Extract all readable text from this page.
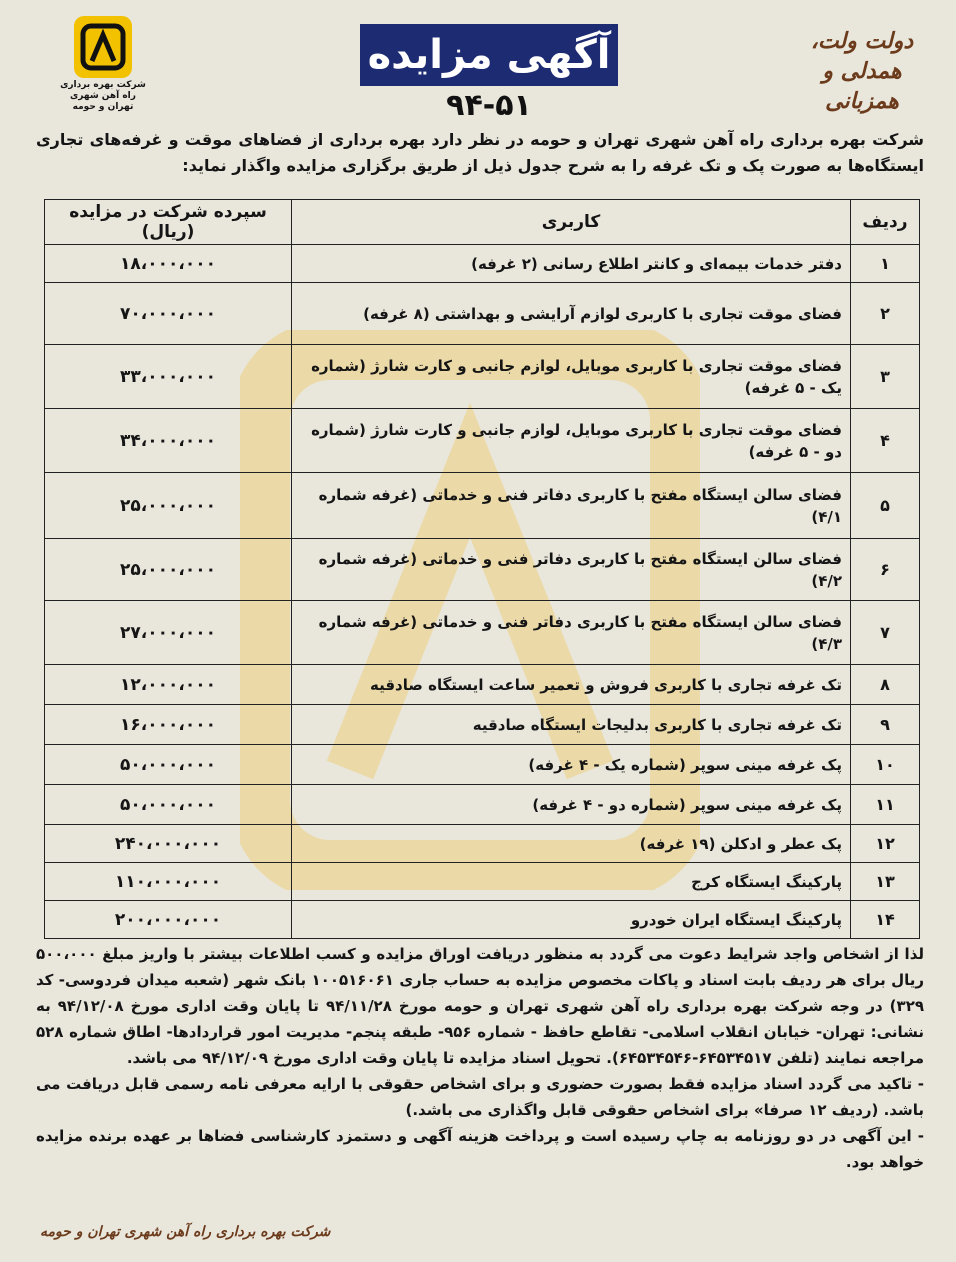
دولت ولت،
همدلی و همزبانی
آگهی مزایده
۹۴-۵۱
شرکت بهره برداری
راه آهن شهری تهران و حومه
شرکت بهره برداری راه آهن شهری تهران و حومه در نظر دارد بهره برداری از فضاهای موقت و غرفه‌های تجاری ایستگاه‌ها به صورت پک و تک غرفه را به شرح جدول ذیل از طریق برگزاری مزایده واگذار نماید:
ردیف	کاربری	سپرده شرکت در مزایده (ریال)
۱	دفتر خدمات بیمه‌ای و کانتر اطلاع رسانی (۲ غرفه)	۱۸،۰۰۰،۰۰۰
۲	فضای موقت تجاری با کاربری لوازم آرایشی و بهداشتی (۸ غرفه)	۷۰،۰۰۰،۰۰۰
۳	فضای موقت تجاری با کاربری موبایل، لوازم جانبی و کارت شارژ (شماره یک - ۵ غرفه)	۳۳،۰۰۰،۰۰۰
۴	فضای موقت تجاری با کاربری موبایل، لوازم جانبی و کارت شارژ (شماره دو - ۵ غرفه)	۳۴،۰۰۰،۰۰۰
۵	فضای سالن ایستگاه مفتح با کاربری دفاتر فنی و خدماتی (غرفه شماره ۴/۱)	۲۵،۰۰۰،۰۰۰
۶	فضای سالن ایستگاه مفتح با کاربری دفاتر فنی و خدماتی (غرفه شماره ۴/۲)	۲۵،۰۰۰،۰۰۰
۷	فضای سالن ایستگاه مفتح با کاربری دفاتر فنی و خدماتی (غرفه شماره ۴/۳)	۲۷،۰۰۰،۰۰۰
۸	تک غرفه تجاری با کاربری فروش و تعمیر ساعت ایستگاه صادقیه	۱۲،۰۰۰،۰۰۰
۹	تک غرفه تجاری با کاربری بدلیجات ایستگاه صادقیه	۱۶،۰۰۰،۰۰۰
۱۰	پک غرفه مینی سوپر (شماره یک - ۴ غرفه)	۵۰،۰۰۰،۰۰۰
۱۱	پک غرفه مینی سوپر (شماره دو - ۴ غرفه)	۵۰،۰۰۰،۰۰۰
۱۲	پک عطر و ادکلن (۱۹ غرفه)	۲۴۰،۰۰۰،۰۰۰
۱۳	پارکینگ ایستگاه کرج	۱۱۰،۰۰۰،۰۰۰
۱۴	پارکینگ ایستگاه ایران خودرو	۲۰۰،۰۰۰،۰۰۰

لذا از اشخاص واجد شرایط دعوت می گردد به منظور دریافت اوراق مزایده و کسب اطلاعات بیشتر با واریز مبلغ ۵۰۰،۰۰۰ ریال برای هر ردیف بابت اسناد و پاکات مخصوص مزایده به حساب جاری ۱۰۰۵۱۶۰۶۱ بانک شهر (شعبه میدان فردوسی- کد ۳۲۹) در وجه شرکت بهره برداری راه آهن شهری تهران و حومه مورخ ۹۴/۱۱/۲۸ تا پایان وقت اداری مورخ ۹۴/۱۲/۰۸ به نشانی: تهران- خیابان انقلاب اسلامی- تقاطع حافظ - شماره ۹۵۶- طبقه پنجم- مدیریت امور قراردادها- اطاق شماره ۵۲۸ مراجعه نمایند (تلفن ۶۴۵۳۴۵۱۷-۶۴۵۳۴۵۴۶). تحویل اسناد مزایده تا پایان وقت اداری مورخ ۹۴/۱۲/۰۹ می باشد.

- تاکید می گردد اسناد مزایده فقط بصورت حضوری و برای اشخاص حقوقی با ارایه معرفی نامه رسمی قابل دریافت می باشد. (ردیف ۱۲ صرفا» برای اشخاص حقوقی قابل واگذاری می باشد.)

- این آگهی در دو روزنامه به چاپ رسیده است و پرداخت هزینه آگهی و دستمزد کارشناسی فضاها بر عهده برنده مزایده خواهد بود.

شرکت بهره برداری راه آهن شهری تهران و حومه
